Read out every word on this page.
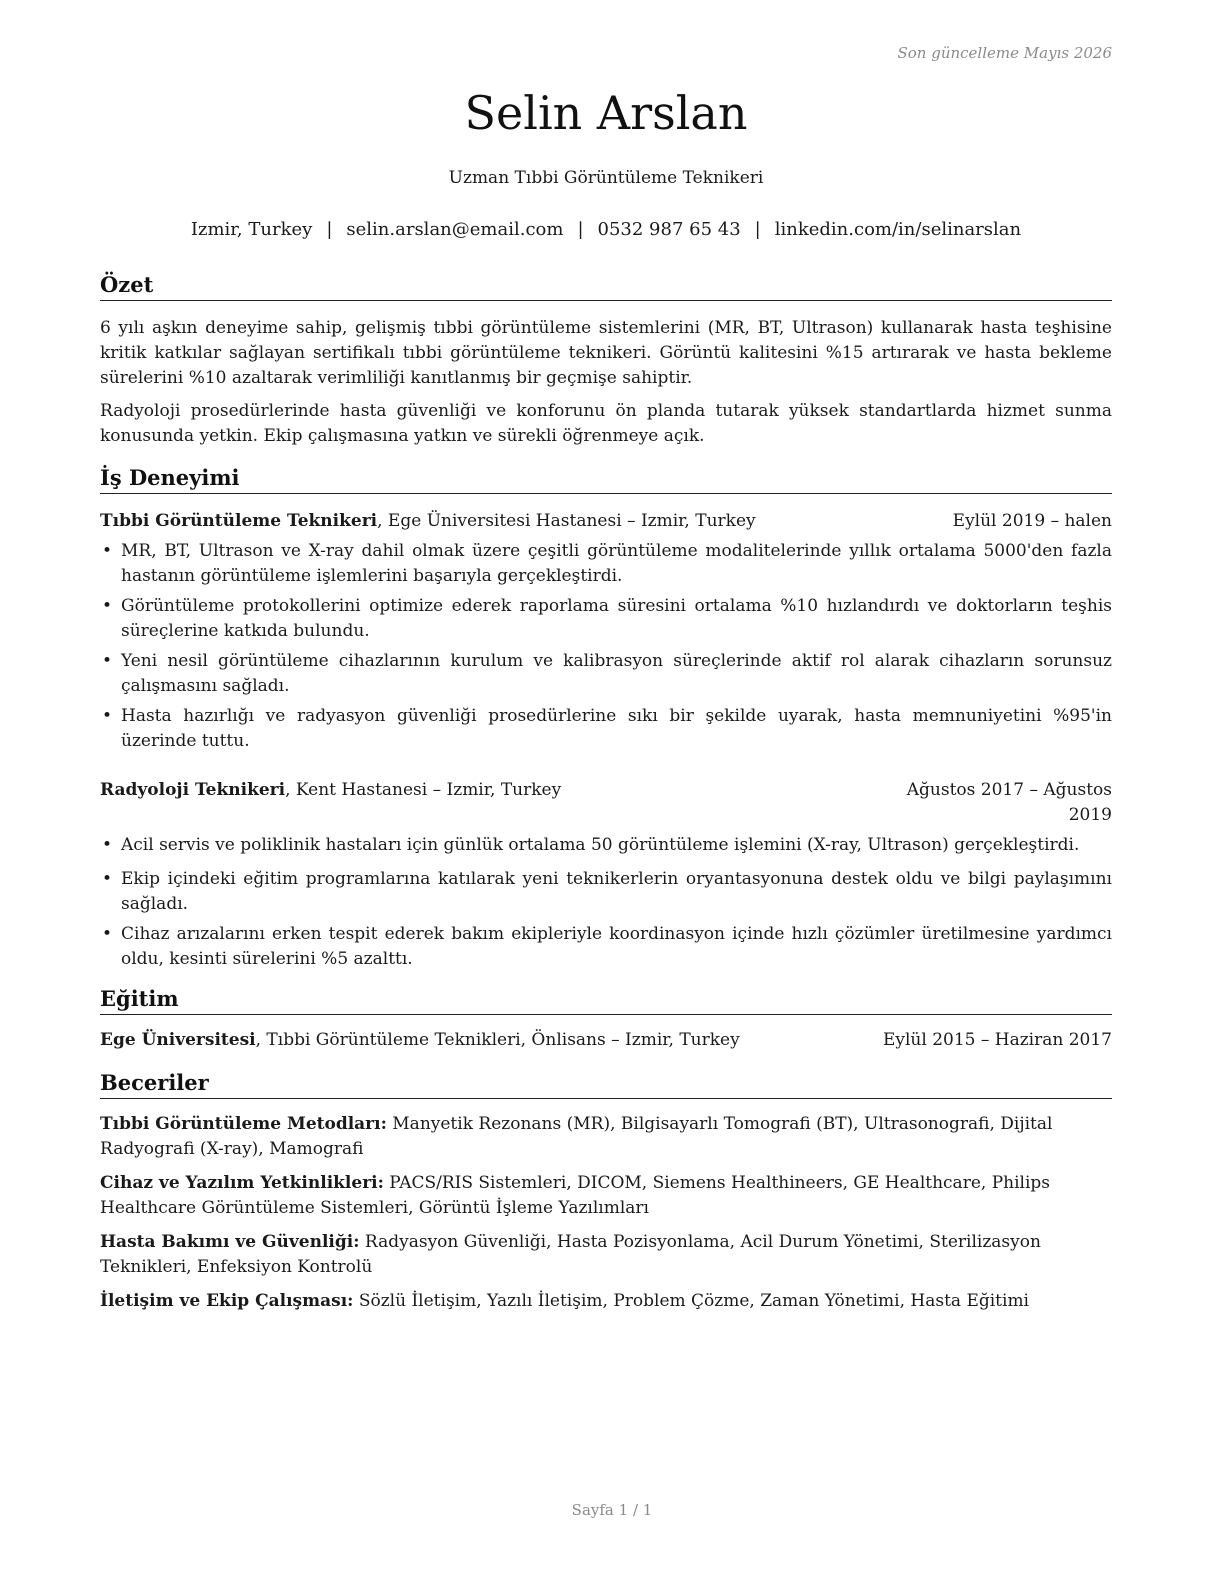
Son güncelleme Mayıs 2026
Selin Arslan
Uzman Tıbbi Görüntüleme Teknikeri
Izmir, Turkey | selin.arslan@email.com | 0532 987 65 43 | linkedin.com/in/selinarslan
Özet

6 yılı aşkın deneyime sahip, gelişmiş tıbbi görüntüleme sistemlerini (MR, BT, Ultrason) kullanarak hasta teşhisine kritik katkılar sağlayan sertifikalı tıbbi görüntüleme teknikeri. Görüntü kalitesini %15 artırarak ve hasta bekleme sürelerini %10 azaltarak verimliliği kanıtlanmış bir geçmişe sahiptir.

Radyoloji prosedürlerinde hasta güvenliği ve konforunu ön planda tutarak yüksek standartlarda hizmet sunma konusunda yetkin. Ekip çalışmasına yatkın ve sürekli öğrenmeye açık.

İş Deneyimi
Tıbbi Görüntüleme Teknikeri, Ege Üniversitesi Hastanesi – Izmir, Turkey	Eylül 2019 – halen
• MR, BT, Ultrason ve X-ray dahil olmak üzere çeşitli görüntüleme modalitelerinde yıllık ortalama 5000'den fazla hastanın görüntüleme işlemlerini başarıyla gerçekleştirdi.
• Görüntüleme protokollerini optimize ederek raporlama süresini ortalama %10 hızlandırdı ve doktorların teşhis süreçlerine katkıda bulundu.
• Yeni nesil görüntüleme cihazlarının kurulum ve kalibrasyon süreçlerinde aktif rol alarak cihazların sorunsuz çalışmasını sağladı.
• Hasta hazırlığı ve radyasyon güvenliği prosedürlerine sıkı bir şekilde uyarak, hasta memnuniyetini %95'in üzerinde tuttu.
Radyoloji Teknikeri, Kent Hastanesi – Izmir, Turkey	Ağustos 2017 – Ağustos 2019
• Acil servis ve poliklinik hastaları için günlük ortalama 50 görüntüleme işlemini (X-ray, Ultrason) gerçekleştirdi.
• Ekip içindeki eğitim programlarına katılarak yeni teknikerlerin oryantasyonuna destek oldu ve bilgi paylaşımını sağladı.
• Cihaz arızalarını erken tespit ederek bakım ekipleriyle koordinasyon içinde hızlı çözümler üretilmesine yardımcı oldu, kesinti sürelerini %5 azalttı.
Eğitim
Ege Üniversitesi, Tıbbi Görüntüleme Teknikleri, Önlisans – Izmir, Turkey	Eylül 2015 – Haziran 2017
Beceriler

Tıbbi Görüntüleme Metodları: Manyetik Rezonans (MR), Bilgisayarlı Tomografi (BT), Ultrasonografi, Dijital Radyografi (X-ray), Mamografi

Cihaz ve Yazılım Yetkinlikleri: PACS/RIS Sistemleri, DICOM, Siemens Healthineers, GE Healthcare, Philips Healthcare Görüntüleme Sistemleri, Görüntü İşleme Yazılımları

Hasta Bakımı ve Güvenliği: Radyasyon Güvenliği, Hasta Pozisyonlama, Acil Durum Yönetimi, Sterilizasyon Teknikleri, Enfeksiyon Kontrolü

İletişim ve Ekip Çalışması: Sözlü İletişim, Yazılı İletişim, Problem Çözme, Zaman Yönetimi, Hasta Eğitimi

Sayfa 1 / 1
